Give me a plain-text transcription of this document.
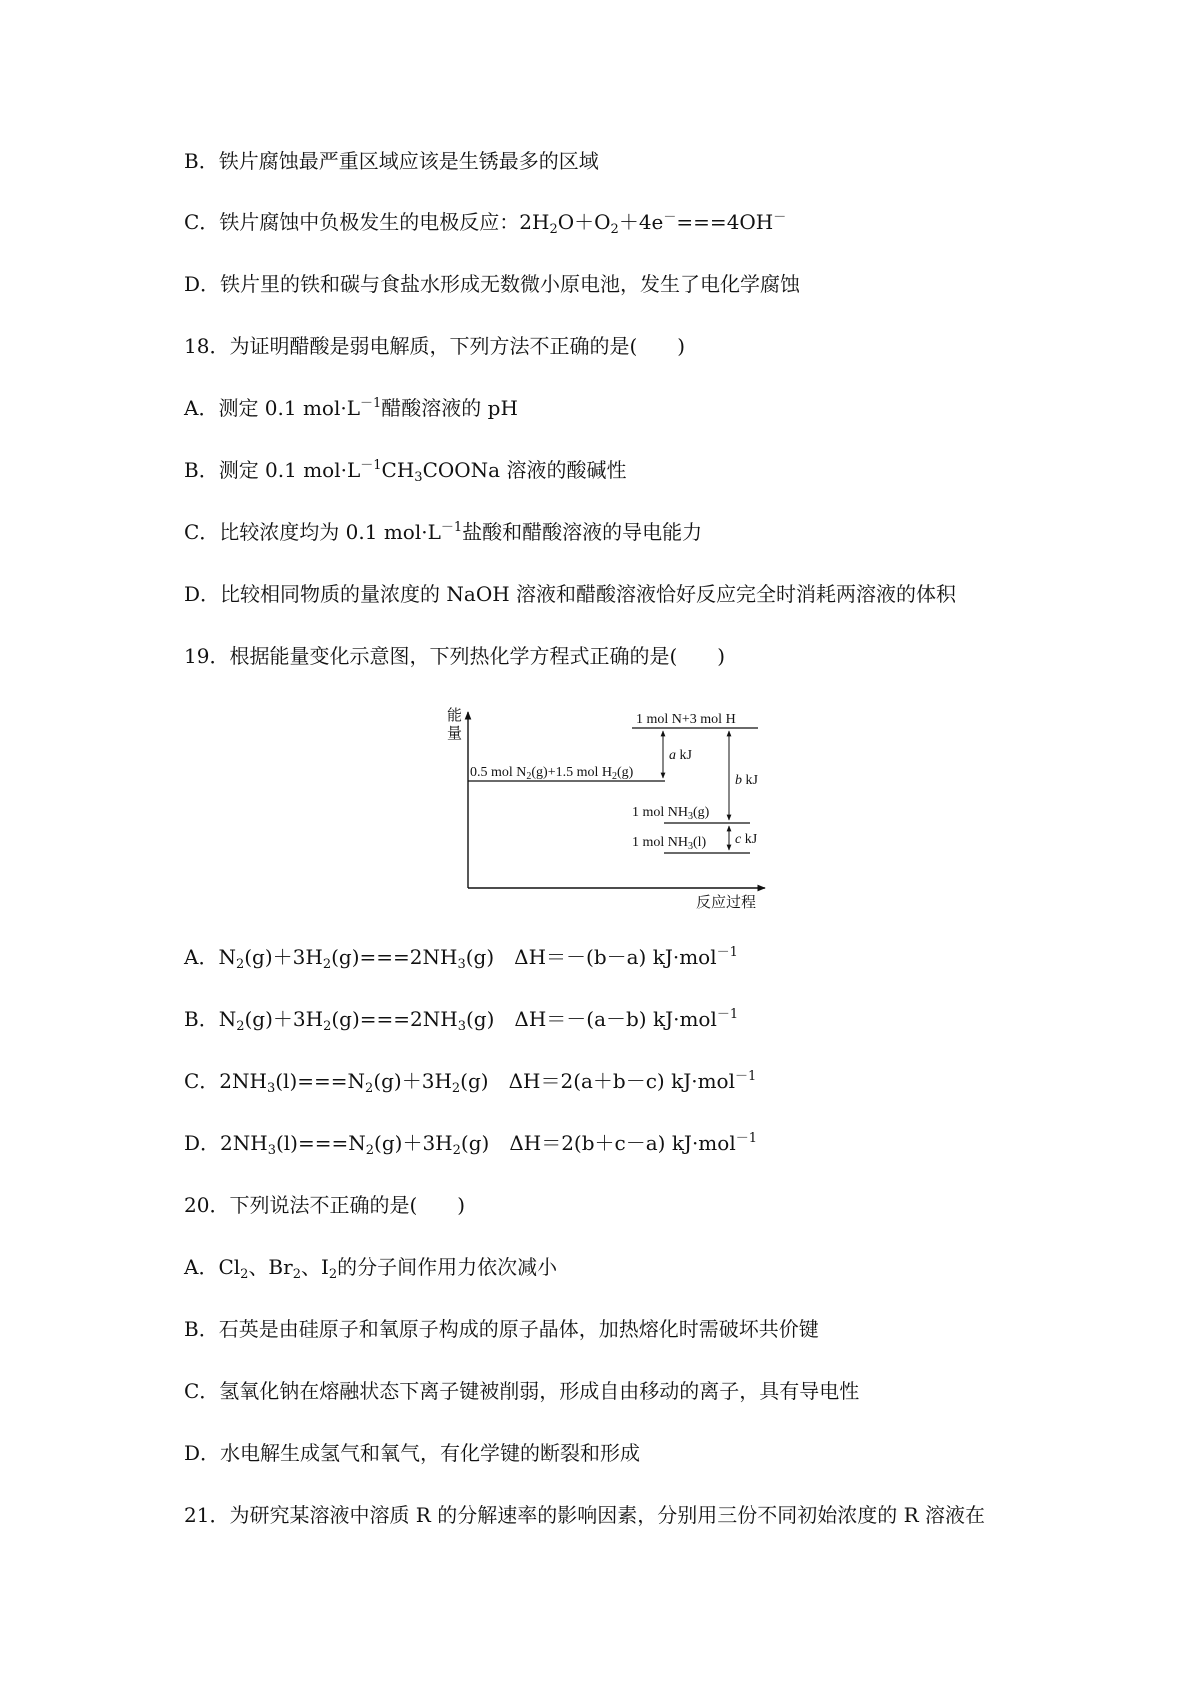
B．铁片腐蚀最严重区域应该是生锈最多的区域
C．铁片腐蚀中负极发生的电极反应：$2H_2O+O_2+4e^-===4OH^-$
D．铁片里的铁和碳与食盐水形成无数微小原电池，发生了电化学腐蚀
18．为证明醋酸是弱电解质，下列方法不正确的是(　　)
A．测定 0.1 $mol\cdot L^{-1}$醋酸溶液的 pH
B．测定 0.1 $mol\cdot L^{-1}CH_3COONa$ 溶液的酸碱性
C．比较浓度均为 0.1 $mol\cdot L^{-1}$盐酸和醋酸溶液的导电能力
D．比较相同物质的量浓度的 NaOH 溶液和醋酸溶液恰好反应完全时消耗两溶液的体积
19．根据能量变化示意图，下列热化学方程式正确的是(　　)
能
量
反应过程
1 mol N+3 mol H
0.5 mol $N_2(g)+1.5$ mol $H_2(g)$
1 mol $NH_3(g)$
1 mol $NH_3(l)$
a kJ
b kJ
c kJ
A．$N_2(g)+3H_2(g)===2NH_3(g)$　ΔH＝－(b－a) kJ·mol$^{-1}$
B．$N_2(g)+3H_2(g)===2NH_3(g)$　ΔH＝－(a－b) kJ·mol$^{-1}$
C．$2NH_3(l)===N_2(g)+3H_2(g)$　ΔH＝2(a＋b－c) kJ·mol$^{-1}$
D．$2NH_3(l)===N_2(g)+3H_2(g)$　ΔH＝2(b＋c－a) kJ·mol$^{-1}$
20．下列说法不正确的是(　　)
A．$Cl_2$、$Br_2$、$I_2$的分子间作用力依次减小
B．石英是由硅原子和氧原子构成的原子晶体，加热熔化时需破坏共价键
C．氢氧化钠在熔融状态下离子键被削弱，形成自由移动的离子，具有导电性
D．水电解生成氢气和氧气，有化学键的断裂和形成
21．为研究某溶液中溶质 R 的分解速率的影响因素，分别用三份不同初始浓度的 R 溶液在
